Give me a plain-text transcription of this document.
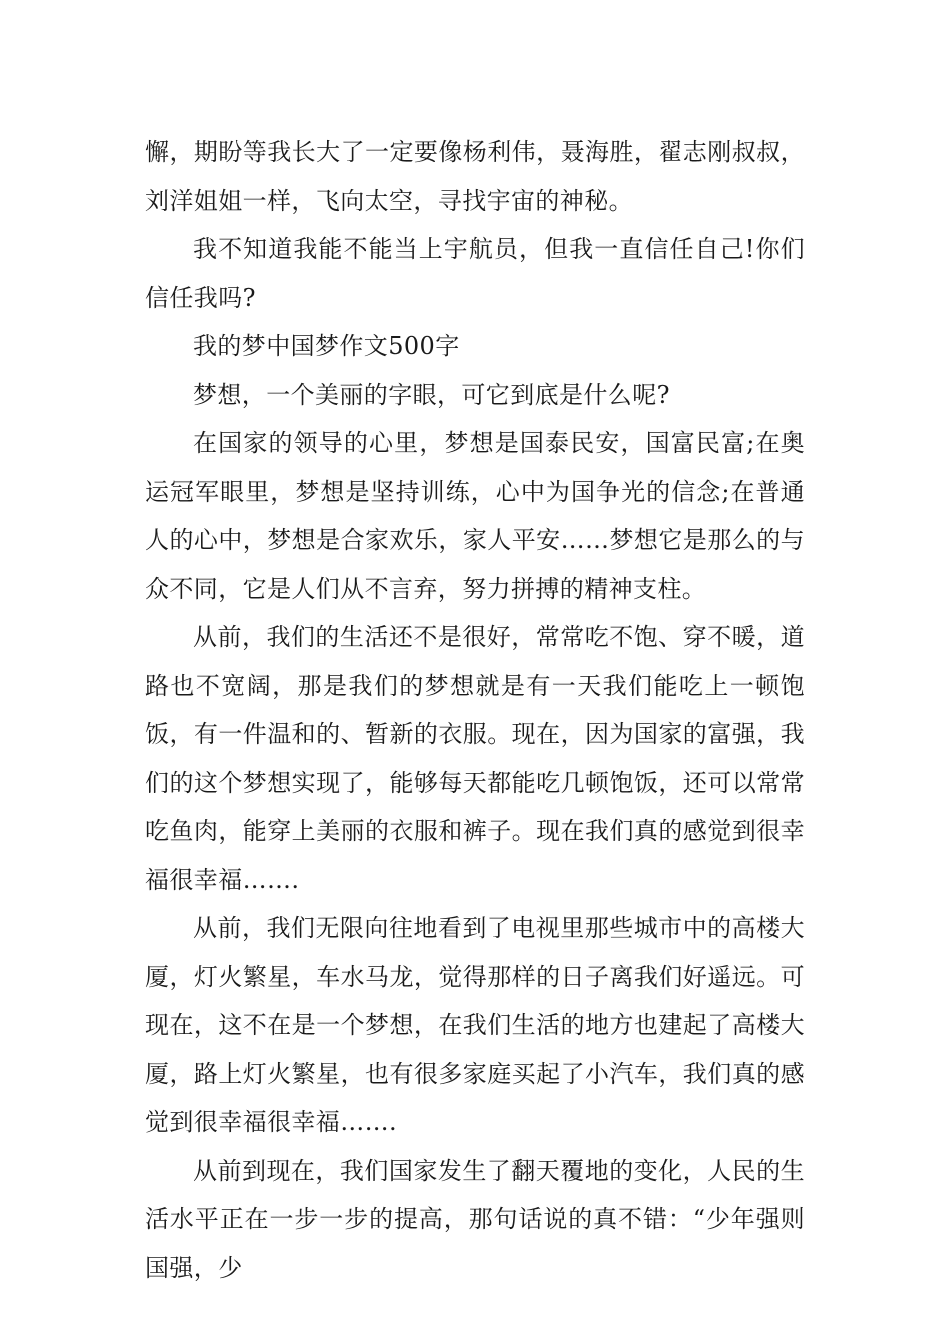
懈，期盼等我长大了一定要像杨利伟，聂海胜，翟志刚叔叔，刘洋姐姐一样，飞向太空，寻找宇宙的神秘。

我不知道我能不能当上宇航员，但我一直信任自己!你们信任我吗?

我的梦中国梦作文500字

梦想，一个美丽的字眼，可它到底是什么呢?

在国家的领导的心里，梦想是国泰民安，国富民富;在奥运冠军眼里，梦想是坚持训练，心中为国争光的信念;在普通人的心中，梦想是合家欢乐，家人平安……梦想它是那么的与众不同，它是人们从不言弃，努力拼搏的精神支柱。

从前，我们的生活还不是很好，常常吃不饱、穿不暖，道路也不宽阔，那是我们的梦想就是有一天我们能吃上一顿饱饭，有一件温和的、暂新的衣服。现在，因为国家的富强，我们的这个梦想实现了，能够每天都能吃几顿饱饭，还可以常常吃鱼肉，能穿上美丽的衣服和裤子。现在我们真的感觉到很幸福很幸福…….

从前，我们无限向往地看到了电视里那些城市中的高楼大厦，灯火繁星，车水马龙，觉得那样的日子离我们好遥远。可现在，这不在是一个梦想，在我们生活的地方也建起了高楼大厦，路上灯火繁星，也有很多家庭买起了小汽车，我们真的感觉到很幸福很幸福…….

从前到现在，我们国家发生了翻天覆地的变化，人民的生活水平正在一步一步的提高，那句话说的真不错：“少年强则国强，少
